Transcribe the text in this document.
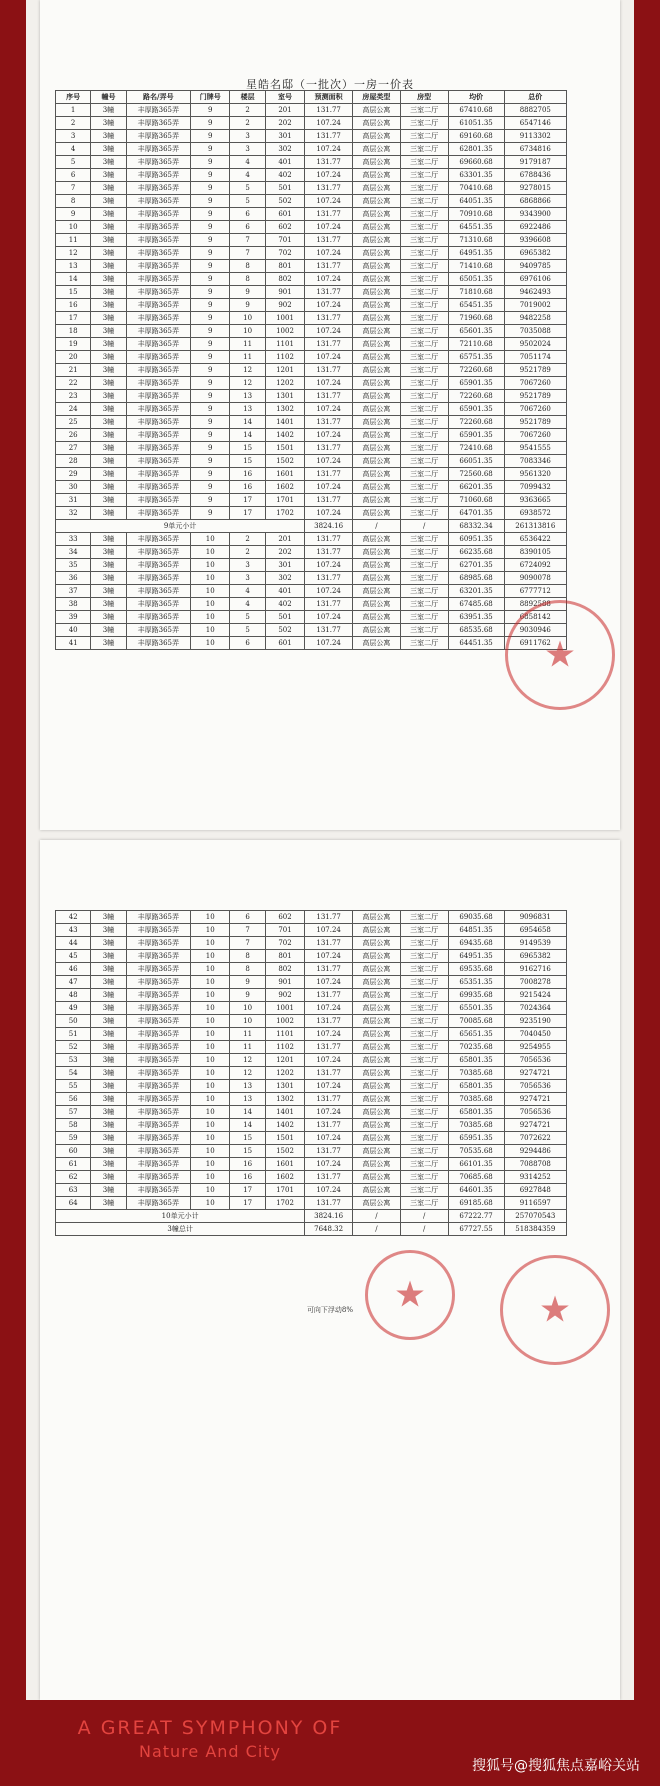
星皓名邸（一批次）一房一价表
序号	幢号	路名/弄号	门牌号	楼层	室号	预测面积	房屋类型	房型	均价	总价
1	3幢	丰厚路365弄	9	2	201	131.77	高层公寓	三室二厅	67410.68	8882705
2	3幢	丰厚路365弄	9	2	202	107.24	高层公寓	三室二厅	61051.35	6547146
3	3幢	丰厚路365弄	9	3	301	131.77	高层公寓	三室二厅	69160.68	9113302
4	3幢	丰厚路365弄	9	3	302	107.24	高层公寓	三室二厅	62801.35	6734816
5	3幢	丰厚路365弄	9	4	401	131.77	高层公寓	三室二厅	69660.68	9179187
6	3幢	丰厚路365弄	9	4	402	107.24	高层公寓	三室二厅	63301.35	6788436
7	3幢	丰厚路365弄	9	5	501	131.77	高层公寓	三室二厅	70410.68	9278015
8	3幢	丰厚路365弄	9	5	502	107.24	高层公寓	三室二厅	64051.35	6868866
9	3幢	丰厚路365弄	9	6	601	131.77	高层公寓	三室二厅	70910.68	9343900
10	3幢	丰厚路365弄	9	6	602	107.24	高层公寓	三室二厅	64551.35	6922486
11	3幢	丰厚路365弄	9	7	701	131.77	高层公寓	三室二厅	71310.68	9396608
12	3幢	丰厚路365弄	9	7	702	107.24	高层公寓	三室二厅	64951.35	6965382
13	3幢	丰厚路365弄	9	8	801	131.77	高层公寓	三室二厅	71410.68	9409785
14	3幢	丰厚路365弄	9	8	802	107.24	高层公寓	三室二厅	65051.35	6976106
15	3幢	丰厚路365弄	9	9	901	131.77	高层公寓	三室二厅	71810.68	9462493
16	3幢	丰厚路365弄	9	9	902	107.24	高层公寓	三室二厅	65451.35	7019002
17	3幢	丰厚路365弄	9	10	1001	131.77	高层公寓	三室二厅	71960.68	9482258
18	3幢	丰厚路365弄	9	10	1002	107.24	高层公寓	三室二厅	65601.35	7035088
19	3幢	丰厚路365弄	9	11	1101	131.77	高层公寓	三室二厅	72110.68	9502024
20	3幢	丰厚路365弄	9	11	1102	107.24	高层公寓	三室二厅	65751.35	7051174
21	3幢	丰厚路365弄	9	12	1201	131.77	高层公寓	三室二厅	72260.68	9521789
22	3幢	丰厚路365弄	9	12	1202	107.24	高层公寓	三室二厅	65901.35	7067260
23	3幢	丰厚路365弄	9	13	1301	131.77	高层公寓	三室二厅	72260.68	9521789
24	3幢	丰厚路365弄	9	13	1302	107.24	高层公寓	三室二厅	65901.35	7067260
25	3幢	丰厚路365弄	9	14	1401	131.77	高层公寓	三室二厅	72260.68	9521789
26	3幢	丰厚路365弄	9	14	1402	107.24	高层公寓	三室二厅	65901.35	7067260
27	3幢	丰厚路365弄	9	15	1501	131.77	高层公寓	三室二厅	72410.68	9541555
28	3幢	丰厚路365弄	9	15	1502	107.24	高层公寓	三室二厅	66051.35	7083346
29	3幢	丰厚路365弄	9	16	1601	131.77	高层公寓	三室二厅	72560.68	9561320
30	3幢	丰厚路365弄	9	16	1602	107.24	高层公寓	三室二厅	66201.35	7099432
31	3幢	丰厚路365弄	9	17	1701	131.77	高层公寓	三室二厅	71060.68	9363665
32	3幢	丰厚路365弄	9	17	1702	107.24	高层公寓	三室二厅	64701.35	6938572
9单元小计						3824.16	/	/	68332.34	261313816
33	3幢	丰厚路365弄	10	2	201	131.77	高层公寓	三室二厅	60951.35	6536422
34	3幢	丰厚路365弄	10	2	202	131.77	高层公寓	三室二厅	66235.68	8390105
35	3幢	丰厚路365弄	10	3	301	107.24	高层公寓	三室二厅	62701.35	6724092
36	3幢	丰厚路365弄	10	3	302	131.77	高层公寓	三室二厅	68985.68	9090078
37	3幢	丰厚路365弄	10	4	401	107.24	高层公寓	三室二厅	63201.35	6777712
38	3幢	丰厚路365弄	10	4	402	131.77	高层公寓	三室二厅	67485.68	8892588
39	3幢	丰厚路365弄	10	5	501	107.24	高层公寓	三室二厅	63951.35	6858142
40	3幢	丰厚路365弄	10	5	502	131.77	高层公寓	三室二厅	68535.68	9030946
41	3幢	丰厚路365弄	10	6	601	107.24	高层公寓	三室二厅	64451.35	6911762
★
42	3幢	丰厚路365弄	10	6	602	131.77	高层公寓	三室二厅	69035.68	9096831
43	3幢	丰厚路365弄	10	7	701	107.24	高层公寓	三室二厅	64851.35	6954658
44	3幢	丰厚路365弄	10	7	702	131.77	高层公寓	三室二厅	69435.68	9149539
45	3幢	丰厚路365弄	10	8	801	107.24	高层公寓	三室二厅	64951.35	6965382
46	3幢	丰厚路365弄	10	8	802	131.77	高层公寓	三室二厅	69535.68	9162716
47	3幢	丰厚路365弄	10	9	901	107.24	高层公寓	三室二厅	65351.35	7008278
48	3幢	丰厚路365弄	10	9	902	131.77	高层公寓	三室二厅	69935.68	9215424
49	3幢	丰厚路365弄	10	10	1001	107.24	高层公寓	三室二厅	65501.35	7024364
50	3幢	丰厚路365弄	10	10	1002	131.77	高层公寓	三室二厅	70085.68	9235190
51	3幢	丰厚路365弄	10	11	1101	107.24	高层公寓	三室二厅	65651.35	7040450
52	3幢	丰厚路365弄	10	11	1102	131.77	高层公寓	三室二厅	70235.68	9254955
53	3幢	丰厚路365弄	10	12	1201	107.24	高层公寓	三室二厅	65801.35	7056536
54	3幢	丰厚路365弄	10	12	1202	131.77	高层公寓	三室二厅	70385.68	9274721
55	3幢	丰厚路365弄	10	13	1301	107.24	高层公寓	三室二厅	65801.35	7056536
56	3幢	丰厚路365弄	10	13	1302	131.77	高层公寓	三室二厅	70385.68	9274721
57	3幢	丰厚路365弄	10	14	1401	107.24	高层公寓	三室二厅	65801.35	7056536
58	3幢	丰厚路365弄	10	14	1402	131.77	高层公寓	三室二厅	70385.68	9274721
59	3幢	丰厚路365弄	10	15	1501	107.24	高层公寓	三室二厅	65951.35	7072622
60	3幢	丰厚路365弄	10	15	1502	131.77	高层公寓	三室二厅	70535.68	9294486
61	3幢	丰厚路365弄	10	16	1601	107.24	高层公寓	三室二厅	66101.35	7088708
62	3幢	丰厚路365弄	10	16	1602	131.77	高层公寓	三室二厅	70685.68	9314252
63	3幢	丰厚路365弄	10	17	1701	107.24	高层公寓	三室二厅	64601.35	6927848
64	3幢	丰厚路365弄	10	17	1702	131.77	高层公寓	三室二厅	69185.68	9116597
10单元小计						3824.16	/	/	67222.77	257070543
3幢总计						7648.32	/	/	67727.55	518384359
可向下浮动8%	★	★
A GREAT SYMPHONY OF
Nature And City
搜狐号@搜狐焦点嘉峪关站
